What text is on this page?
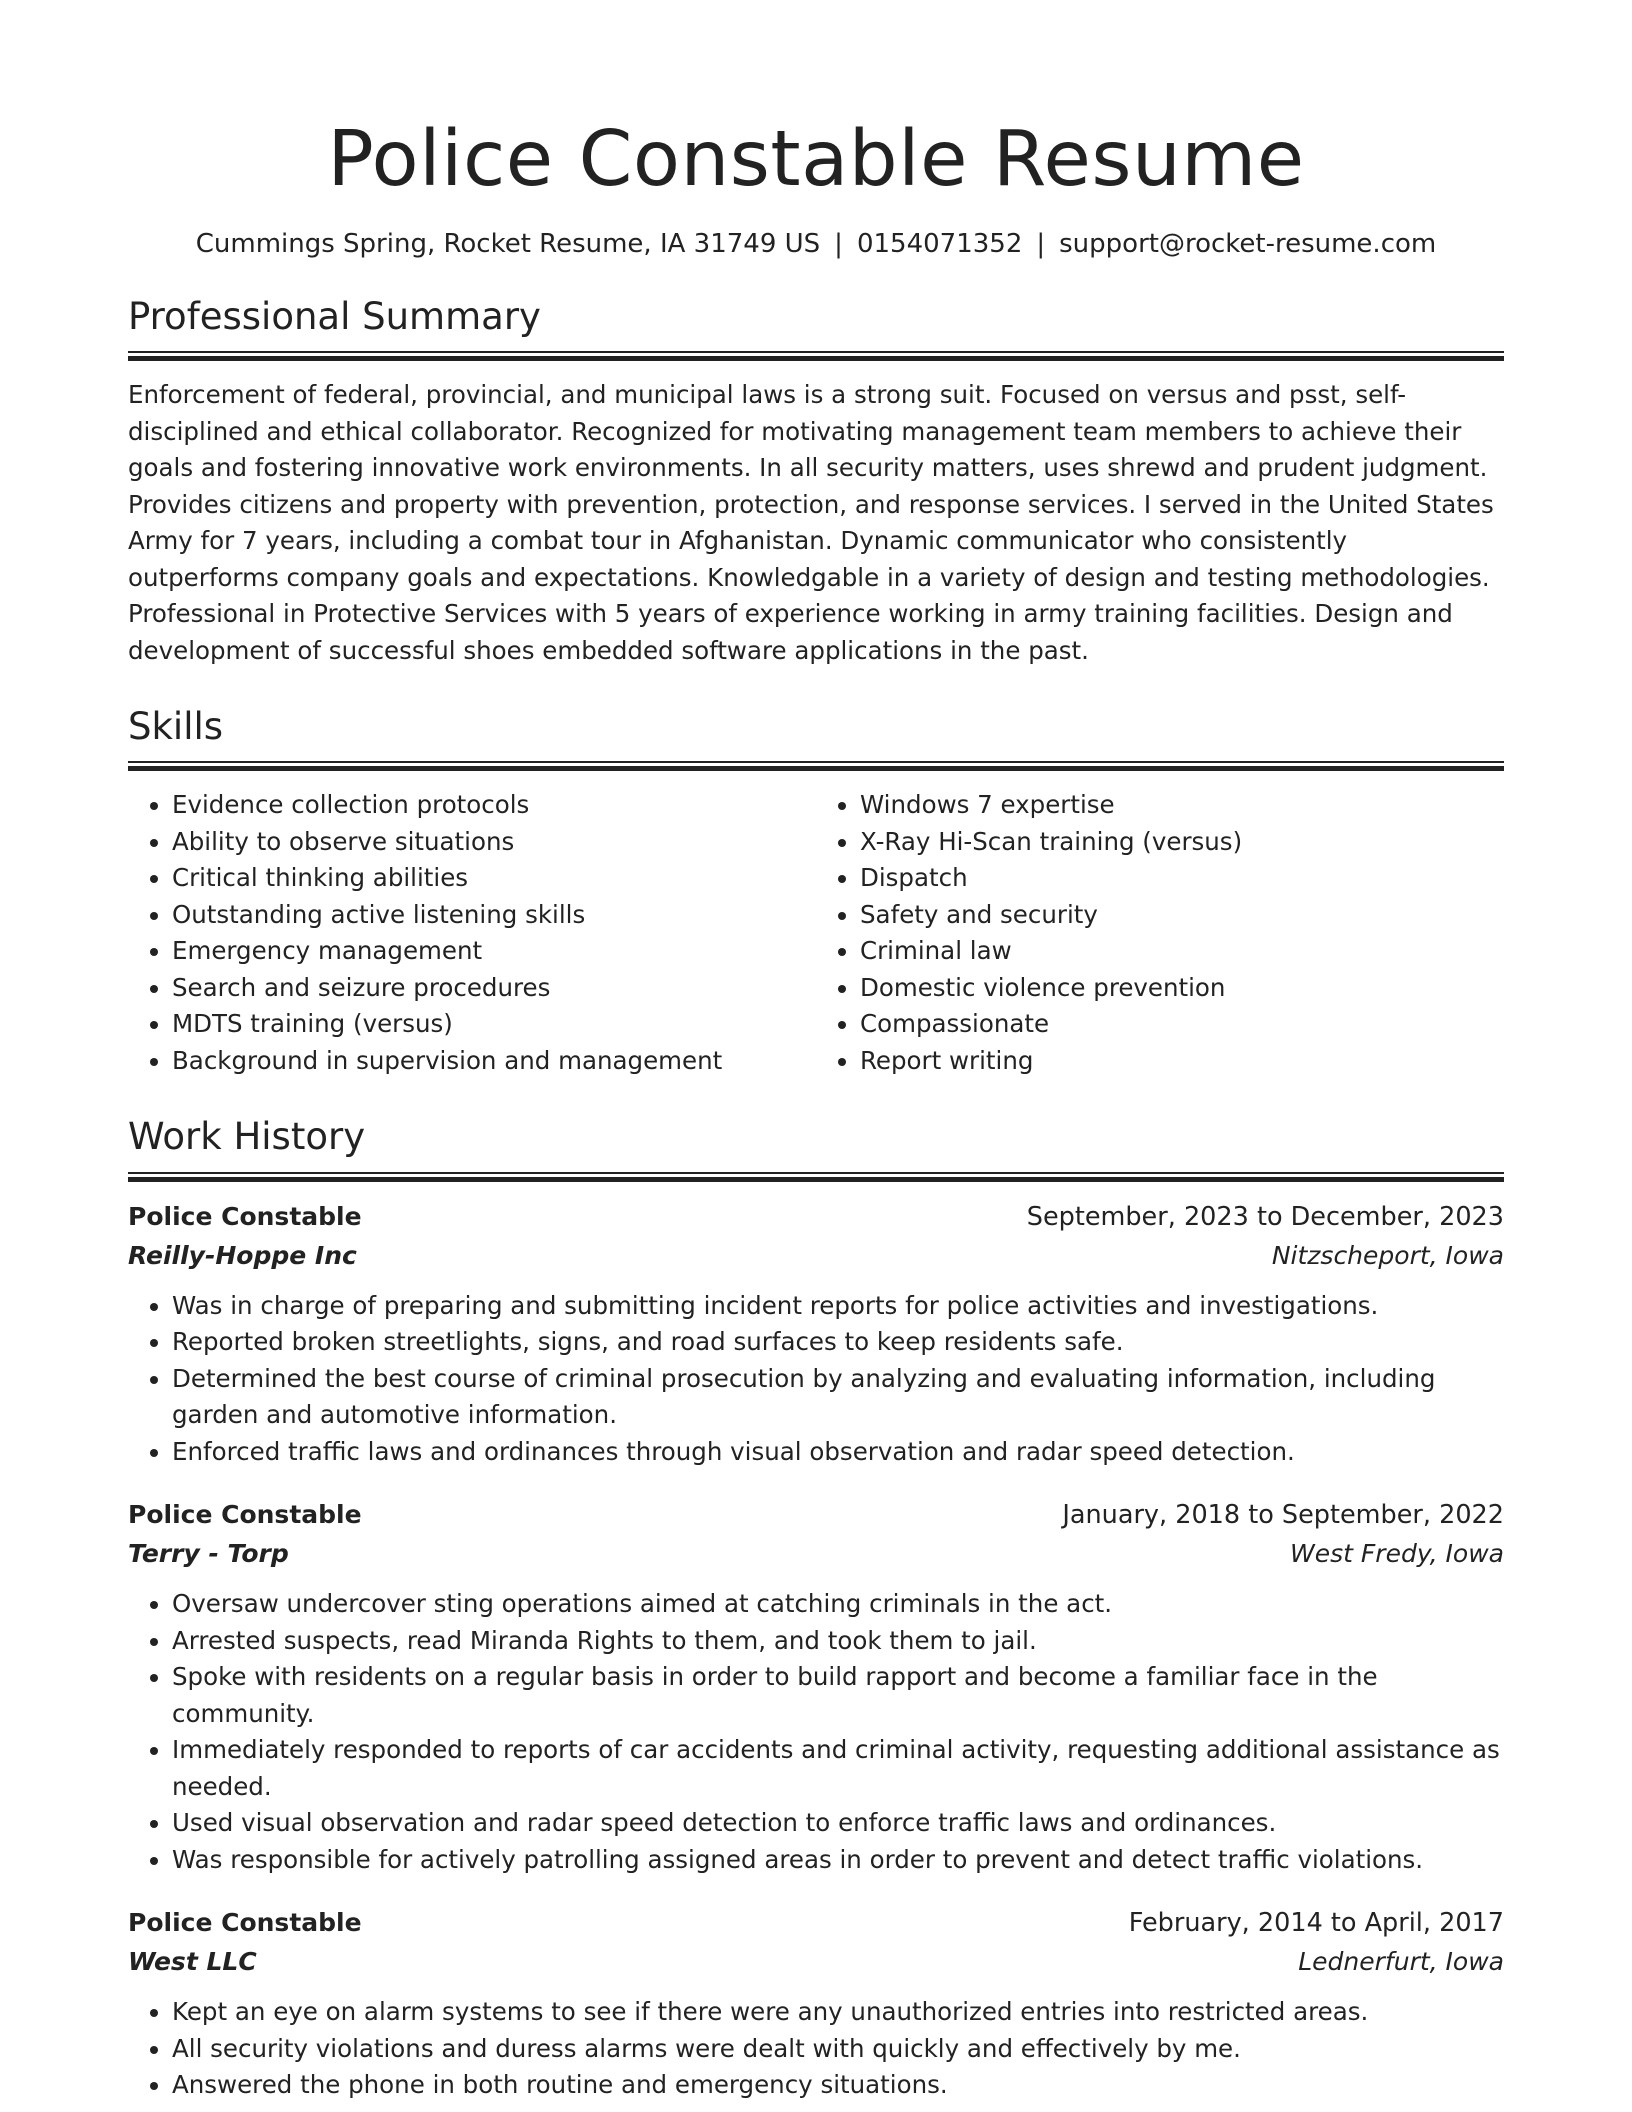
Police Constable Resume
Cummings Spring, Rocket Resume, IA 31749 US | 0154071352 | support@rocket-resume.com
Professional Summary

Enforcement of federal, provincial, and municipal laws is a strong suit. Focused on versus and psst, self-disciplined and ethical collaborator. Recognized for motivating management team members to achieve their goals and fostering innovative work environments. In all security matters, uses shrewd and prudent judgment. Provides citizens and property with prevention, protection, and response services. I served in the United States Army for 7 years, including a combat tour in Afghanistan. Dynamic communicator who consistently outperforms company goals and expectations. Knowledgable in a variety of design and testing methodologies. Professional in Protective Services with 5 years of experience working in army training facilities. Design and development of successful shoes embedded software applications in the past.

Skills
• Evidence collection protocols
• Ability to observe situations
• Critical thinking abilities
• Outstanding active listening skills
• Emergency management
• Search and seizure procedures
• MDTS training (versus)
• Background in supervision and management
• Windows 7 expertise
• X-Ray Hi-Scan training (versus)
• Dispatch
• Safety and security
• Criminal law
• Domestic violence prevention
• Compassionate
• Report writing
Work History
Police Constable	September, 2023 to December, 2023
Reilly-Hoppe Inc	Nitzscheport, Iowa
• Was in charge of preparing and submitting incident reports for police activities and investigations.
• Reported broken streetlights, signs, and road surfaces to keep residents safe.
• Determined the best course of criminal prosecution by analyzing and evaluating information, including garden and automotive information.
• Enforced traffic laws and ordinances through visual observation and radar speed detection.
Police Constable	January, 2018 to September, 2022
Terry - Torp	West Fredy, Iowa
• Oversaw undercover sting operations aimed at catching criminals in the act.
• Arrested suspects, read Miranda Rights to them, and took them to jail.
• Spoke with residents on a regular basis in order to build rapport and become a familiar face in the community.
• Immediately responded to reports of car accidents and criminal activity, requesting additional assistance as needed.
• Used visual observation and radar speed detection to enforce traffic laws and ordinances.
• Was responsible for actively patrolling assigned areas in order to prevent and detect traffic violations.
Police Constable	February, 2014 to April, 2017
West LLC	Lednerfurt, Iowa
• Kept an eye on alarm systems to see if there were any unauthorized entries into restricted areas.
• All security violations and duress alarms were dealt with quickly and effectively by me.
• Answered the phone in both routine and emergency situations.
